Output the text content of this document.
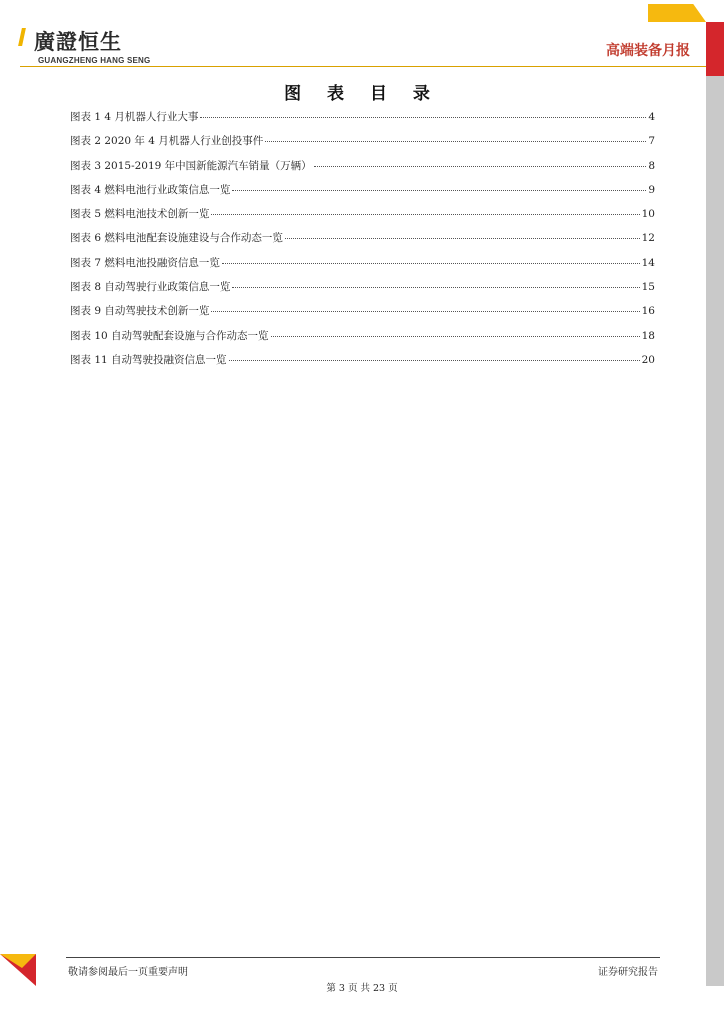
廣證恒生
GUANGZHENG HANG SENG
高端装备月报
图 表 目 录
图表 1 4 月机器人行业大事	4
图表 2 2020 年 4 月机器人行业创投事件	7
图表 3 2015-2019 年中国新能源汽车销量（万辆）	8
图表 4 燃料电池行业政策信息一览	9
图表 5 燃料电池技术创新一览	10
图表 6 燃料电池配套设施建设与合作动态一览	12
图表 7 燃料电池投融资信息一览	14
图表 8 自动驾驶行业政策信息一览	15
图表 9 自动驾驶技术创新一览	16
图表 10 自动驾驶配套设施与合作动态一览	18
图表 11 自动驾驶投融资信息一览	20
敬请参阅最后一页重要声明	证券研究报告
第 3 页 共 23 页
